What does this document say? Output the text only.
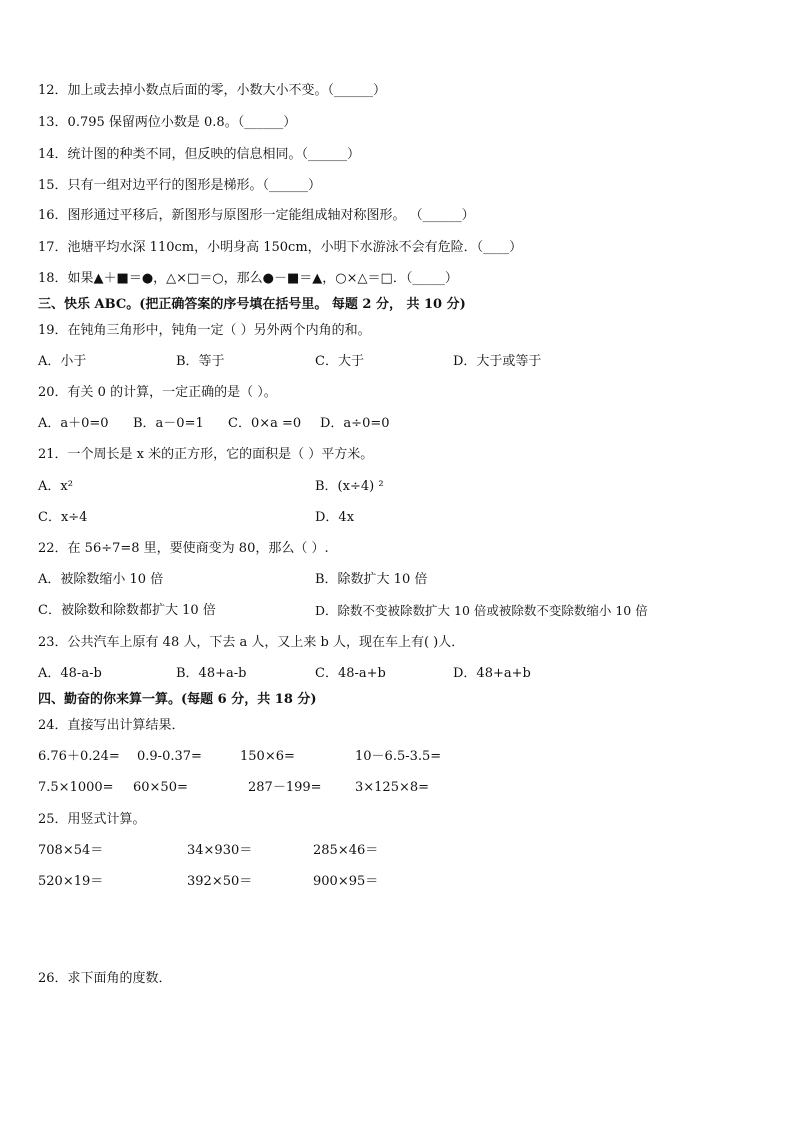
12．加上或去掉小数点后面的零，小数大小不变。（______）
13．0.795 保留两位小数是 0.8。（______）
14．统计图的种类不同，但反映的信息相同。（______）
15．只有一组对边平行的图形是梯形。（______）
16．图形通过平移后，新图形与原图形一定能组成轴对称图形。 （______）
17．池塘平均水深 110cm，小明身高 150cm，小明下水游泳不会有危险．（____）
18．如果▲＋■＝●，△×□＝○，那么●－■＝▲，○×△＝□．（_____）
三、快乐 ABC。(把正确答案的序号填在括号里。 每题 2 分， 共 10 分)
19．在钝角三角形中，钝角一定（ ）另外两个内角的和。
A．小于	B．等于	C．大于	D．大于或等于
20．有关 0 的计算，一定正确的是（ ）。
A．a＋0=0 B．a－0=1 C．0×a =0 D．a÷0=0
21．一个周长是 x 米的正方形，它的面积是（ ）平方米。
A．x²	B．(x÷4) ²
C．x÷4	D．4x
22．在 56÷7=8 里，要使商变为 80，那么（ ）.
A．被除数缩小 10 倍	B．除数扩大 10 倍
C．被除数和除数都扩大 10 倍	D．除数不变被除数扩大 10 倍或被除数不变除数缩小 10 倍
23．公共汽车上原有 48 人，下去 a 人，又上来 b 人，现在车上有( )人．
A．48-a-b	B．48+a-b	C．48-a+b	D．48+a+b
四、勤奋的你来算一算。(每题 6 分，共 18 分)
24．直接写出计算结果．
6.76＋0.24= 0.9-0.37=	150×6=	10－6.5-3.5=
7.5×1000= 60×50=	287－199=	3×125×8=
25．用竖式计算。
708×54＝	34×930＝	285×46＝
520×19＝	392×50＝	900×95＝
26．求下面角的度数．
